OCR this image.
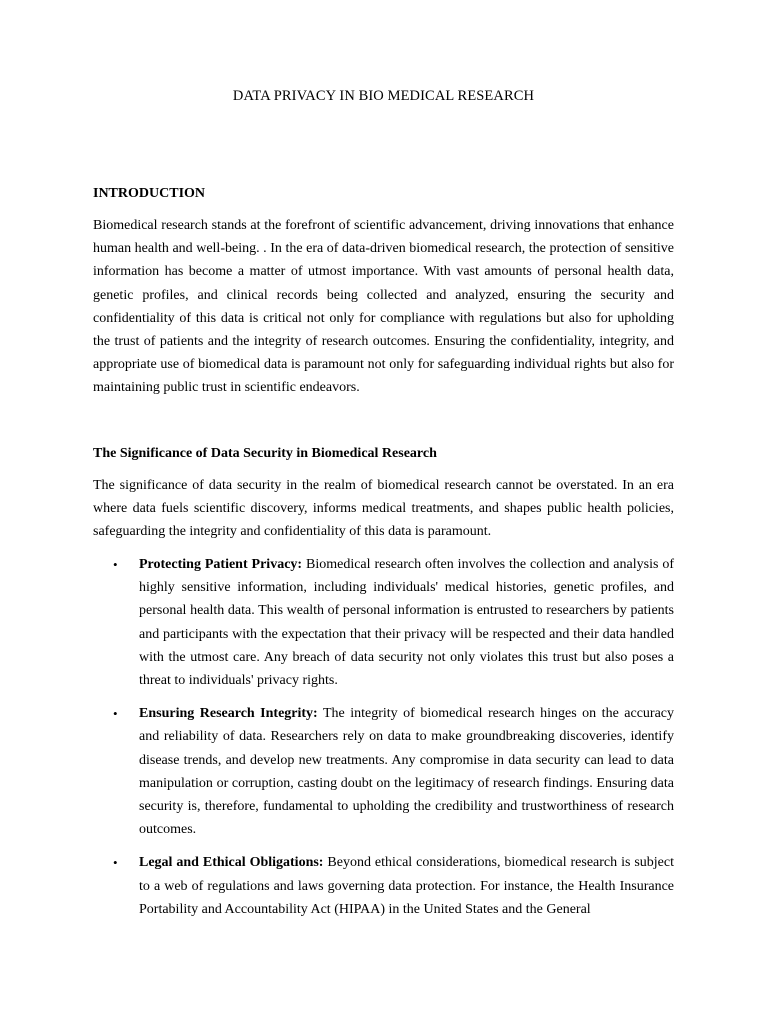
DATA PRIVACY IN BIO MEDICAL RESEARCH
INTRODUCTION

Biomedical research stands at the forefront of scientific advancement, driving innovations that enhance human health and well-being. . In the era of data-driven biomedical research, the protection of sensitive information has become a matter of utmost importance. With vast amounts of personal health data, genetic profiles, and clinical records being collected and analyzed, ensuring the security and confidentiality of this data is critical not only for compliance with regulations but also for upholding the trust of patients and the integrity of research outcomes. Ensuring the confidentiality, integrity, and appropriate use of biomedical data is paramount not only for safeguarding individual rights but also for maintaining public trust in scientific endeavors.

The Significance of Data Security in Biomedical Research

The significance of data security in the realm of biomedical research cannot be overstated. In an era where data fuels scientific discovery, informs medical treatments, and shapes public health policies, safeguarding the integrity and confidentiality of this data is paramount.

• Protecting Patient Privacy: Biomedical research often involves the collection and analysis of highly sensitive information, including individuals' medical histories, genetic profiles, and personal health data. This wealth of personal information is entrusted to researchers by patients and participants with the expectation that their privacy will be respected and their data handled with the utmost care. Any breach of data security not only violates this trust but also poses a threat to individuals' privacy rights.
• Ensuring Research Integrity: The integrity of biomedical research hinges on the accuracy and reliability of data. Researchers rely on data to make groundbreaking discoveries, identify disease trends, and develop new treatments. Any compromise in data security can lead to data manipulation or corruption, casting doubt on the legitimacy of research findings. Ensuring data security is, therefore, fundamental to upholding the credibility and trustworthiness of research outcomes.
• Legal and Ethical Obligations: Beyond ethical considerations, biomedical research is subject to a web of regulations and laws governing data protection. For instance, the Health Insurance Portability and Accountability Act (HIPAA) in the United States and the General
